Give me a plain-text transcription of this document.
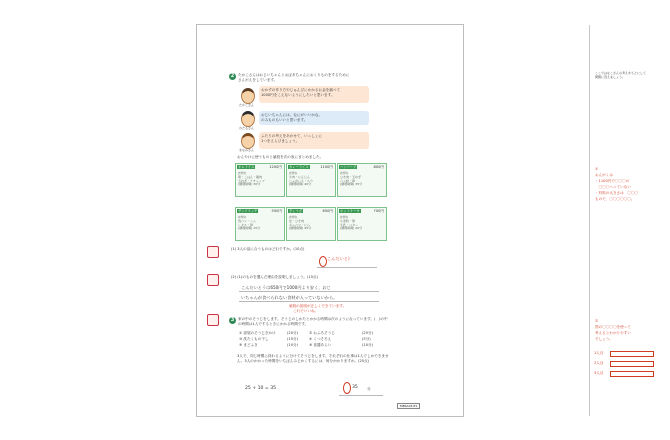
2	たかこさんはおじいちゃんとおばあちゃんにおくりものをするために
さんがえをしています。
たかこさん
おかずの作り方やじゅんびにかかるお金を調べて
1000円をこえないようにしたいと思います。
わたるさん
おじいちゃんには、なにがいいかな。
のみものもいいと思います。
まなみさん
ふたりの考えをあわせて、いっしょに
1つをえらびましょう。
おんやけに使うものと値段を次の表にまとめました。
オムライス	1200円
(材料)
卵・ごはん・鶏肉
玉ねぎ・ケチャップ
(調理時間) 30分
カレーライス	1100円
(材料)
牛肉・にんじん
じゃがいも・ルウ
(調理時間) 40分
ハンバーグ	800円
(材料)
ひき肉・玉ねぎ
パン粉・卵
(調理時間) 35分
サンドイッチ	550円
(材料)
食パン・ハム
レタス・卵
(調理時間) 15分
ぎょうざ	650円
(材料)
皮・ひき肉
キャベツ・にら
(調理時間) 45分
ホットケーキ	700円
(材料)
小麦粉・卵
牛乳・バター
(調理時間) 20分
(1) 3人の話に合うものはどれですか。(10点)
こんだいと)
(2) (1)のものを選んだ理由を説明しましょう。(15点)
こんだいとうは650円で1000円より安く、おじ
いちゃんが食べられない食材が入っていないから。
値段の説明が正しくできています。
これでいいね。
3	家の中のそうじをします。そうじのしかたとかかる時間は次のようになっています。(　)の中
の時間は1人でするときにかかる時間です。
① 部屋のそうじきかけ	(20分)	② おふろそうじ	(25分)
③ 洗たくもの干し	(15分)	④ くつそろえ	(5分)
⑤ まどふき	(10分)	⑥ 食器あらい	(10分)
3人で、同じ時間に終わるように分けてそうじをします。それぞれの仕事は1人でしかできませ
ん。3人のかかった時間をいちばんみじかくするには、何分かかりますか。(25点)
25 + 10 = 35	35	分
ここではなこさんの考えをもとにして
問題に答えましょう。
①
おんがくは
・1100円で〇〇〇の
　〇〇〇へっていない
・材料の大きさは　〇〇〇
もので、〇〇〇〇〇〇。
②
図の〇〇〇〇を使って
考えるとわかりやすい
でしょう。
1人目
2人目
3人目
MBSA03-E1
